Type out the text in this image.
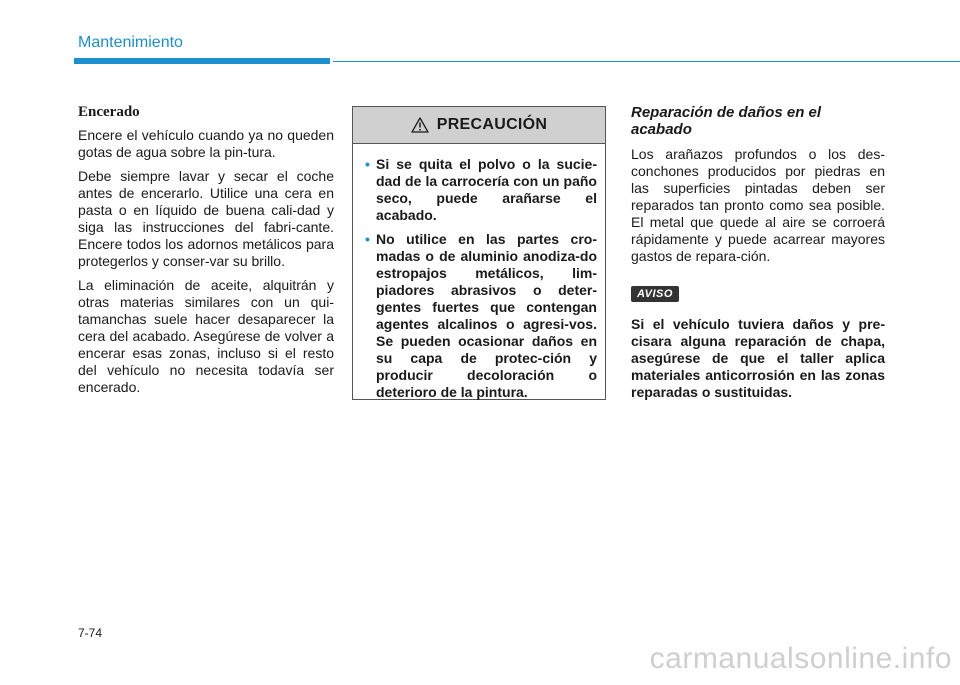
Mantenimiento
Encerado

Encere el vehículo cuando ya no queden gotas de agua sobre la pin-tura.

Debe siempre lavar y secar el coche antes de encerarlo. Utilice una cera en pasta o en líquido de buena cali-dad y siga las instrucciones del fabri-cante. Encere todos los adornos metálicos para protegerlos y conser-var su brillo.

La eliminación de aceite, alquitrán y otras materias similares con un qui-tamanchas suele hacer desaparecer la cera del acabado. Asegúrese de volver a encerar esas zonas, incluso si el resto del vehículo no necesita todavía ser encerado.

PRECAUCIÓN
• Si se quita el polvo o la sucie-dad de la carrocería con un paño seco, puede arañarse el acabado.
• No utilice en las partes cro-madas o de aluminio anodiza-do estropajos metálicos, lim-piadores abrasivos o deter-gentes fuertes que contengan agentes alcalinos o agresi-vos. Se pueden ocasionar daños en su capa de protec-ción y producir decoloración o deterioro de la pintura.
Reparación de daños en el acabado

Los arañazos profundos o los des-conchones producidos por piedras en las superficies pintadas deben ser reparados tan pronto como sea posible. El metal que quede al aire se corroerá rápidamente y puede acarrear mayores gastos de repara-ción.

AVISO

Si el vehículo tuviera daños y pre-cisara alguna reparación de chapa, asegúrese de que el taller aplica materiales anticorrosión en las zonas reparadas o sustituidas.

7-74
carmanualsonline.info
